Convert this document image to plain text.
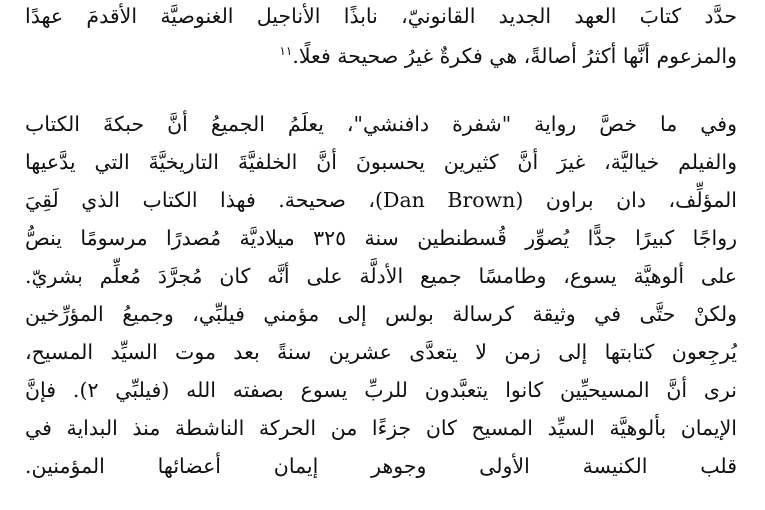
حدَّد كتابَ العهد الجديد القانونيّ، نابذًا الأناجيل الغنوصيَّة الأقدمَ عهدًا
والمزعوم أنَّها أكثرُ أصالةً، هي فكرةٌ غيرُ صحيحة فعلًا.$^{١١}$
وفي ما خصَّ رواية "شفرة دافنشي"، يعلَمُ الجميعُ أنَّ حبكةَ الكتاب
والفيلم خياليَّة، غيرَ أنَّ كثيرين يحسبونَ أنَّ الخلفيَّةَ التاريخيَّةَ التي يدَّعيها
المؤلِّف، دان براون (Dan Brown)، صحيحة. فهذا الكتاب الذي لَقِيَ
رواجًا كبيرًا جدًّا يُصوِّر قُسطنطين سنة ٣٢٥ ميلاديَّة مُصدرًا مرسومًا ينصُّ
على ألوهيَّة يسوع، وطامسًا جميع الأدلَّة على أنَّه كان مُجرَّدَ مُعلِّم بشريّ.
ولكنْ حتَّى في وثيقة كرسالة بولس إلى مؤمني فيلبِّي، وجميعُ المؤرِّخين
يُرجِعون كتابتها إلى زمن لا يتعدَّى عشرين سنةً بعد موت السيِّد المسيح،
نرى أنَّ المسيحيِّين كانوا يتعبَّدون للربِّ يسوع بصفته الله (فيلبِّي ٢). فإنَّ
الإيمان بألوهيَّة السيِّد المسيح كان جزءًا من الحركة الناشطة منذ البداية في
قلب الكنيسة الأولى وجوهر إيمان أعضائها المؤمنين.
